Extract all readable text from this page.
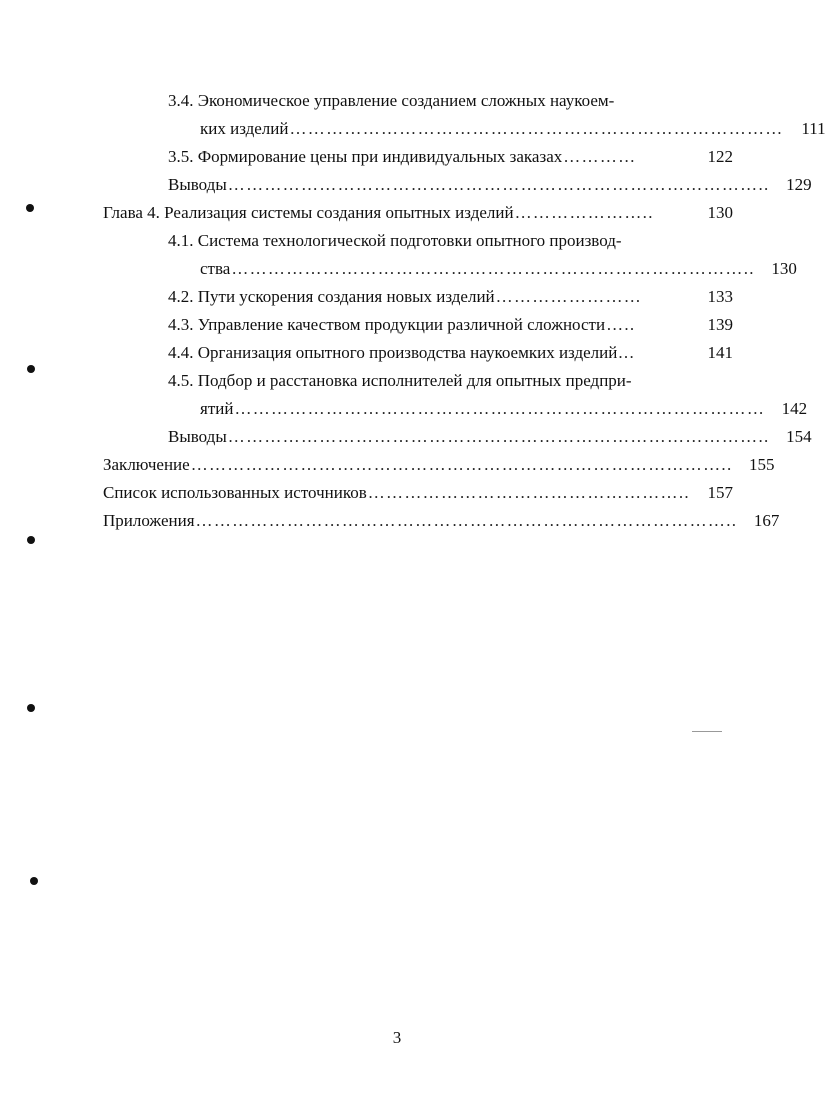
3.4. Экономическое управление созданием сложных наукоем-
ких изделий ………………………………………………………………………	111
3.5. Формирование цены при индивидуальных заказах …………	122
Выводы …………………………………………………………………………….. 129
Глава 4. Реализация системы создания опытных изделий …………………..	130
4.1. Система технологической подготовки опытного производ-
ства ………………………………………………………………………….. 130
4.2. Пути ускорения создания новых изделий ……………………	133
4.3. Управление качеством продукции различной сложности …..	139
4.4. Организация опытного производства наукоемких изделий ...	141
4.5. Подбор и расстановка исполнителей для опытных предпри-
ятий …………………………………………………………………………… 142
Выводы …………………………………………………………………………….. 154
Заключение …………………………………………………………………………….. 155
Список использованных источников ……………………………………………..	157
Приложения …………………………………………………………………………….. 167
3
